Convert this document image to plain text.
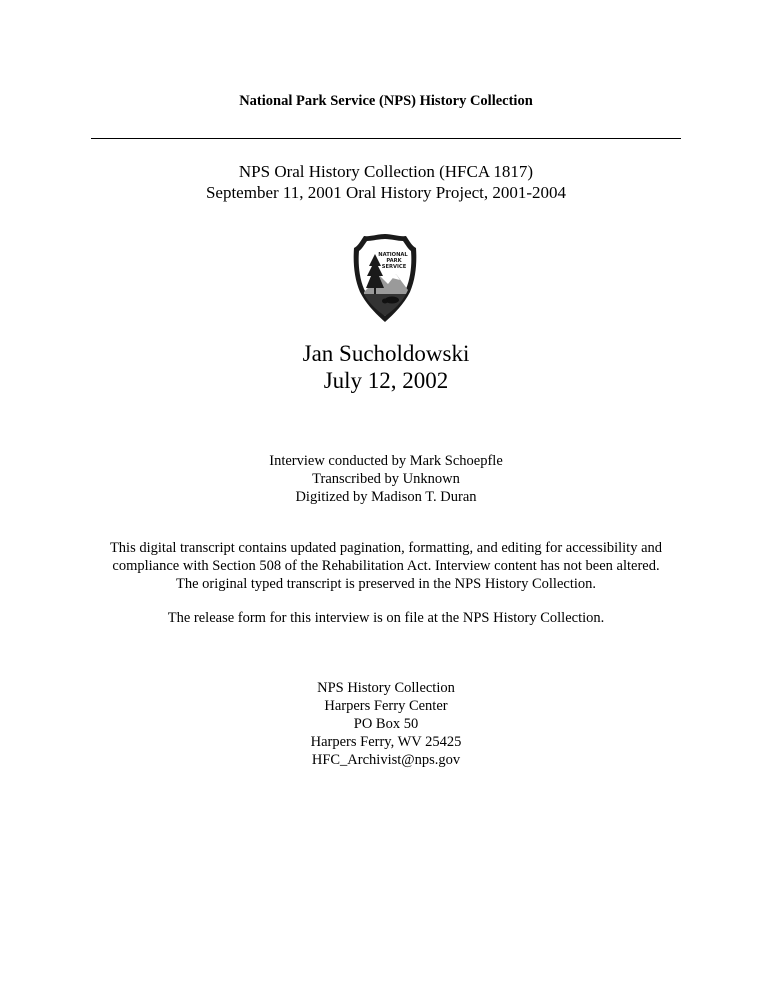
National Park Service (NPS) History Collection
NPS Oral History Collection (HFCA 1817)
September 11, 2001 Oral History Project, 2001-2004
NATIONAL
PARK
SERVICE
Jan Sucholdowski
July 12, 2002
Interview conducted by Mark Schoepfle
Transcribed by Unknown
Digitized by Madison T. Duran
This digital transcript contains updated pagination, formatting, and editing for accessibility and
compliance with Section 508 of the Rehabilitation Act. Interview content has not been altered.
The original typed transcript is preserved in the NPS History Collection.
The release form for this interview is on file at the NPS History Collection.
NPS History Collection
Harpers Ferry Center
PO Box 50
Harpers Ferry, WV 25425
HFC_Archivist@nps.gov
